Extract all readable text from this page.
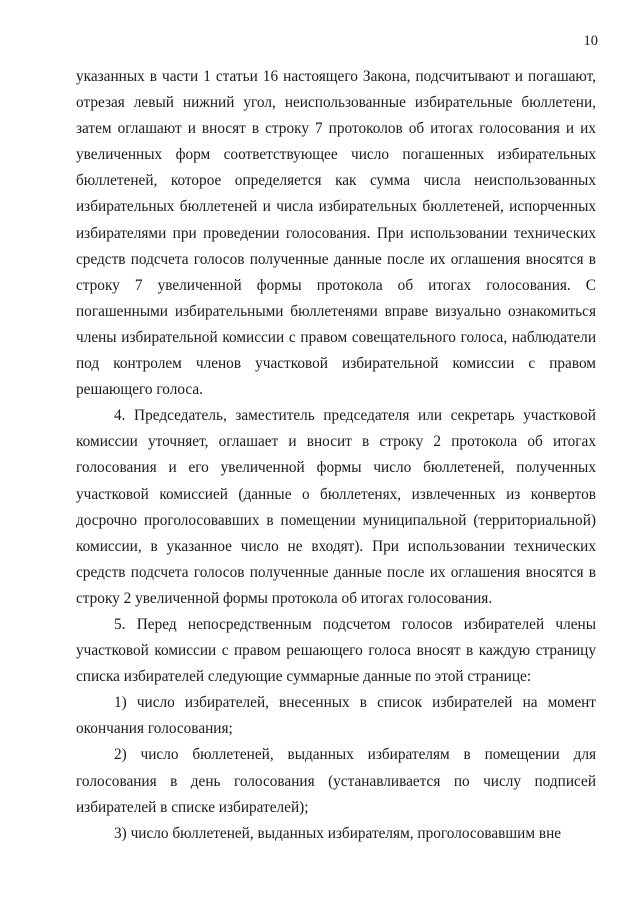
10

указанных в части 1 статьи 16 настоящего Закона, подсчитывают и погашают, отрезая левый нижний угол, неиспользованные избирательные бюллетени, затем оглашают и вносят в строку 7 протоколов об итогах голосования и их увеличенных форм соответствующее число погашенных избирательных бюллетеней, которое определяется как сумма числа неиспользованных избирательных бюллетеней и числа избирательных бюллетеней, испорченных избирателями при проведении голосования. При использовании технических средств подсчета голосов полученные данные после их оглашения вносятся в строку 7 увеличенной формы протокола об итогах голосования. С погашенными избирательными бюллетенями вправе визуально ознакомиться члены избирательной комиссии с правом совещательного голоса, наблюдатели под контролем членов участковой избирательной комиссии с правом решающего голоса.

4. Председатель, заместитель председателя или секретарь участковой комиссии уточняет, оглашает и вносит в строку 2 протокола об итогах голосования и его увеличенной формы число бюллетеней, полученных участковой комиссией (данные о бюллетенях, извлеченных из конвертов досрочно проголосовавших в помещении муниципальной (территориальной) комиссии, в указанное число не входят). При использовании технических средств подсчета голосов полученные данные после их оглашения вносятся в строку 2 увеличенной формы протокола об итогах голосования.

5. Перед непосредственным подсчетом голосов избирателей члены участковой комиссии с правом решающего голоса вносят в каждую страницу списка избирателей следующие суммарные данные по этой странице:

1) число избирателей, внесенных в список избирателей на момент окончания голосования;

2) число бюллетеней, выданных избирателям в помещении для голосования в день голосования (устанавливается по числу подписей избирателей в списке избирателей);

3) число бюллетеней, выданных избирателям, проголосовавшим вне
